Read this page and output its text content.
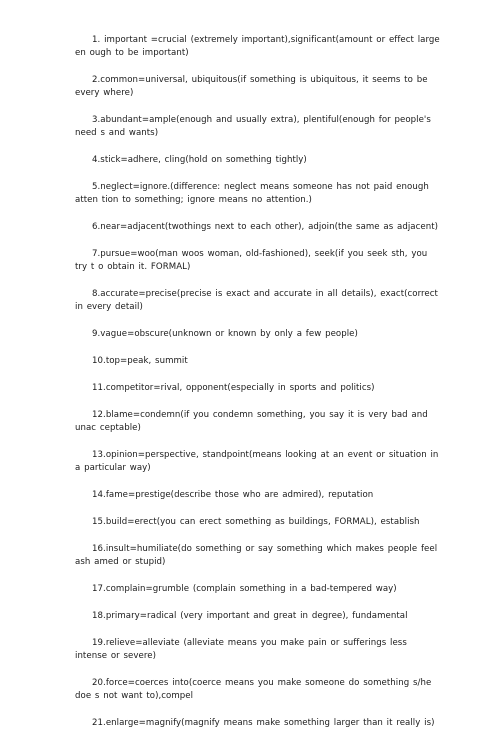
1. important =crucial (extremely important),significant(amount or effect large en ough to be important)

2.common=universal, ubiquitous(if something is ubiquitous, it seems to be every where)

3.abundant=ample(enough and usually extra), plentiful(enough for people's need s and wants)

4.stick=adhere, cling(hold on something tightly)

5.neglect=ignore.(difference: neglect means someone has not paid enough atten tion to something; ignore means no attention.)

6.near=adjacent(twothings next to each other), adjoin(the same as adjacent)

7.pursue=woo(man woos woman, old-fashioned), seek(if you seek sth, you try t o obtain it. FORMAL)

8.accurate=precise(precise is exact and accurate in all details), exact(correct in every detail)

9.vague=obscure(unknown or known by only a few people)

10.top=peak, summit

11.competitor=rival, opponent(especially in sports and politics)

12.blame=condemn(if you condemn something, you say it is very bad and unac ceptable)

13.opinion=perspective, standpoint(means looking at an event or situation in a particular way)

14.fame=prestige(describe those who are admired), reputation

15.build=erect(you can erect something as buildings, FORMAL), establish

16.insult=humiliate(do something or say something which makes people feel ash amed or stupid)

17.complain=grumble (complain something in a bad-tempered way)

18.primary=radical (very important and great in degree), fundamental

19.relieve=alleviate (alleviate means you make pain or sufferings less intense or severe)

20.force=coerces into(coerce means you make someone do something s/he doe s not want to),compel

21.enlarge=magnify(magnify means make something larger than it really is)
